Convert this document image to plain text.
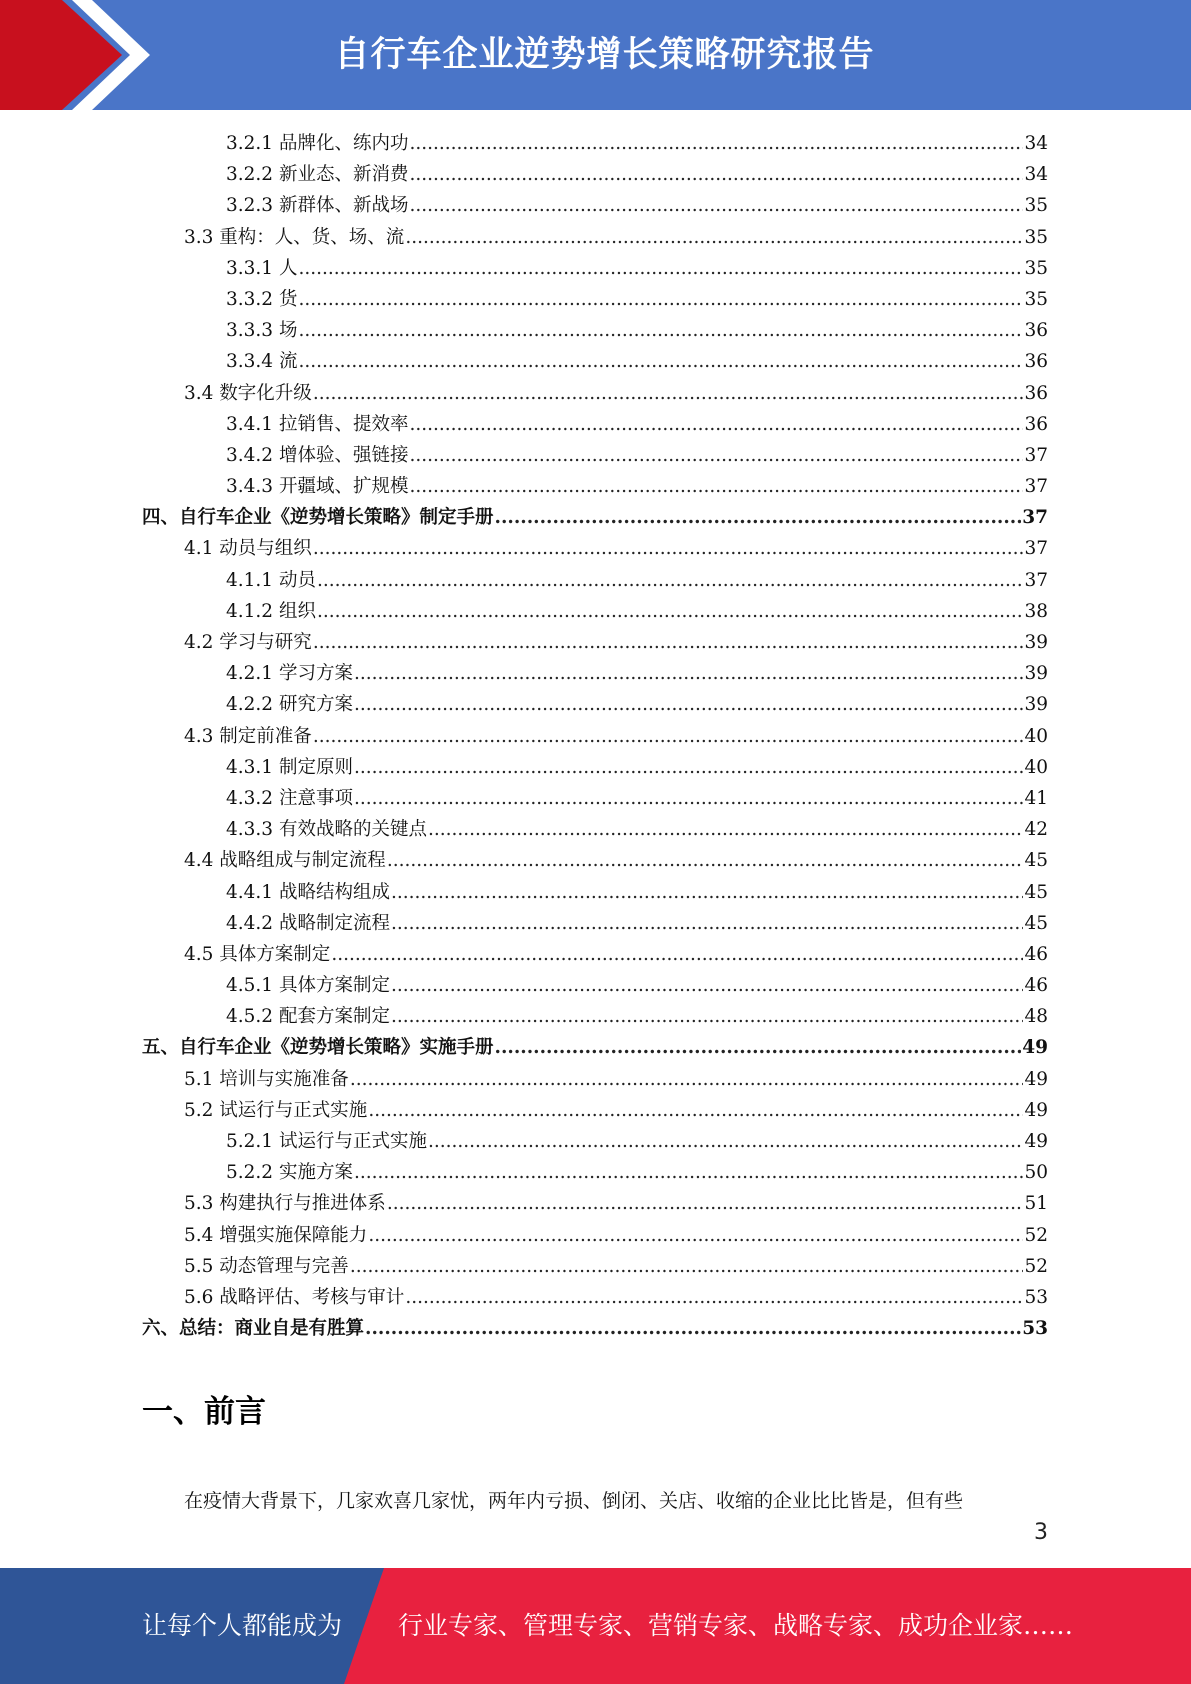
自行车企业逆势增长策略研究报告
3.2.1 品牌化、练内功 .....	34
3.2.2 新业态、新消费 .....	34
3.2.3 新群体、新战场 .....	35
3.3 重构：人、货、场、流 .....	35
3.3.1 人 .....	35
3.3.2 货 .....	35
3.3.3 场 .....	36
3.3.4 流 .....	36
3.4 数字化升级 .....	36
3.4.1 拉销售、提效率 .....	36
3.4.2 增体验、强链接 .....	37
3.4.3 开疆域、扩规模 .....	37
四、自行车企业《逆势增长策略》制定手册 .....	37
4.1 动员与组织 .....	37
4.1.1 动员 .....	37
4.1.2 组织 .....	38
4.2 学习与研究 .....	39
4.2.1 学习方案 .....	39
4.2.2 研究方案 .....	39
4.3 制定前准备 .....	40
4.3.1 制定原则 .....	40
4.3.2 注意事项 .....	41
4.3.3 有效战略的关键点 .....	42
4.4 战略组成与制定流程 .....	45
4.4.1 战略结构组成 .....	45
4.4.2 战略制定流程 .....	45
4.5 具体方案制定 .....	46
4.5.1 具体方案制定 .....	46
4.5.2 配套方案制定 .....	48
五、自行车企业《逆势增长策略》实施手册 .....	49
5.1 培训与实施准备 .....	49
5.2 试运行与正式实施 .....	49
5.2.1 试运行与正式实施 .....	49
5.2.2 实施方案 .....	50
5.3 构建执行与推进体系 .....	51
5.4 增强实施保障能力 .....	52
5.5 动态管理与完善 .....	52
5.6 战略评估、考核与审计 .....	53
六、总结：商业自是有胜算 .....	53
一、前言
在疫情大背景下，几家欢喜几家忧，两年内亏损、倒闭、关店、收缩的企业比比皆是，但有些
3
让每个人都能成为 行业专家、管理专家、营销专家、战略专家、成功企业家……
